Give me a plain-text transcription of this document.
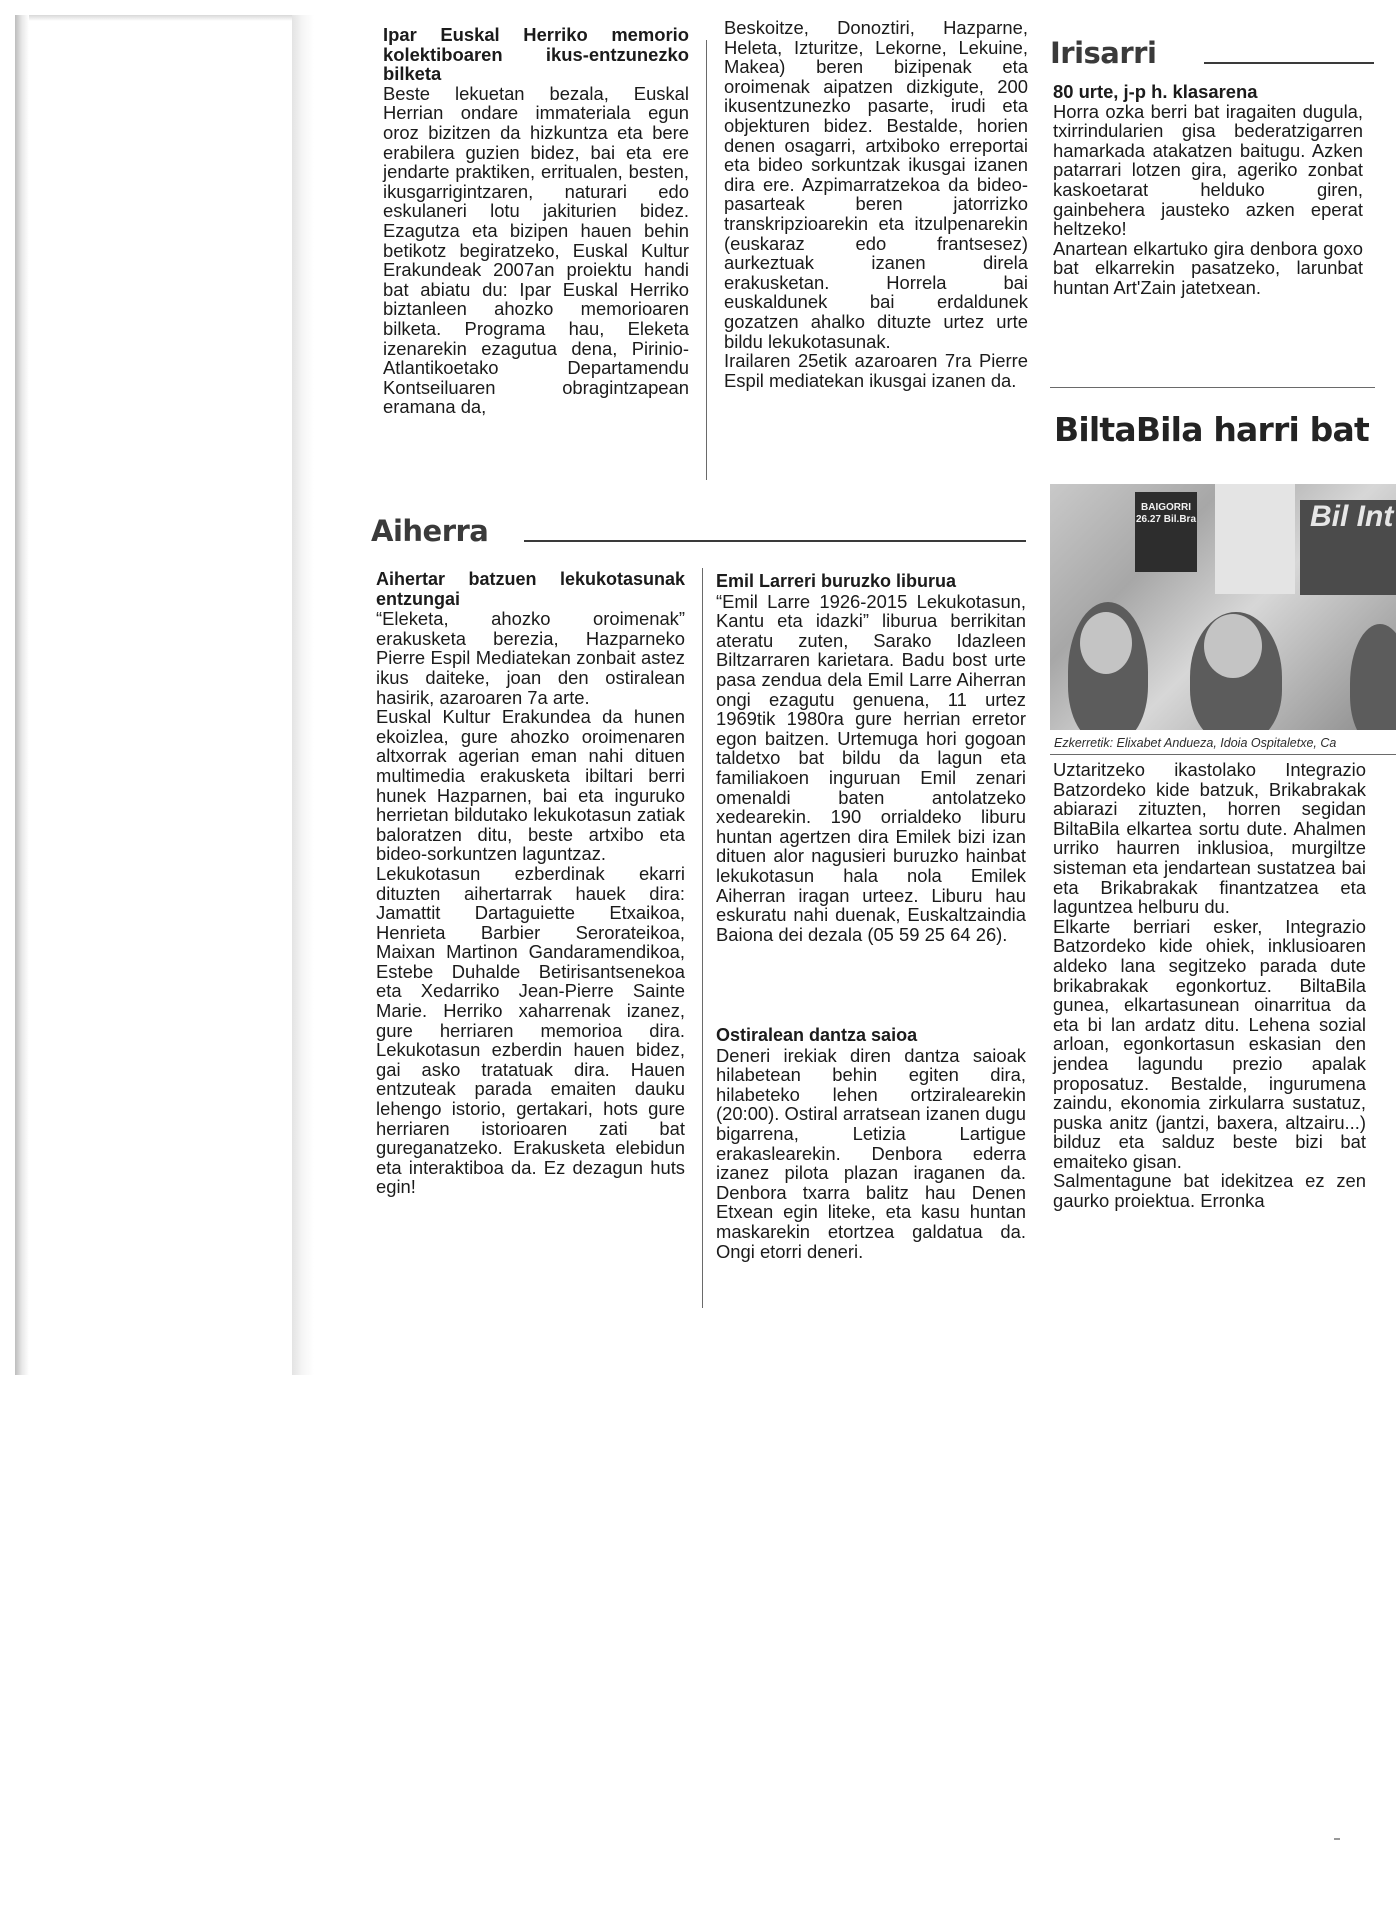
Ipar Euskal Herriko memorio kolektiboaren ikus-entzunezko bilketa

Beste lekuetan bezala, Euskal Herrian ondare immateriala egun oroz bizitzen da hizkuntza eta bere erabilera guzien bidez, bai eta ere jendarte praktiken, erritualen, besten, ikusgarrigintzaren, naturari edo eskulaneri lotu jakiturien bidez. Ezagutza eta bizipen hauen behin betikotz begiratzeko, Euskal Kultur Erakundeak 2007an proiektu handi bat abiatu du: Ipar Euskal Herriko biztanleen ahozko memorioaren bilketa. Programa hau, Eleketa izenarekin ezagutua dena, Pirinio-Atlantikoetako Departamendu Kontseiluaren obragintzapean eramana da,

Beskoitze, Donoztiri, Hazparne, Heleta, Izturitze, Lekorne, Lekuine, Makea) beren bizipenak eta oroimenak aipatzen dizkigute, 200 ikusentzunezko pasarte, irudi eta objekturen bidez. Bestalde, horien denen osagarri, artxiboko erreportai eta bideo sorkuntzak ikusgai izanen dira ere. Azpimarratzekoa da bideo-pasarteak beren jatorrizko transkripzioarekin eta itzulpenarekin (euskaraz edo frantsesez) aurkeztuak izanen direla erakusketan. Horrela bai euskaldunek bai erdaldunek gozatzen ahalko dituzte urtez urte bildu lekukotasunak.

Irailaren 25etik azaroaren 7ra Pierre Espil mediatekan ikusgai izanen da.

Irisarri

80 urte, j-p h. klasarena

Horra ozka berri bat iragaiten dugula, txirrindularien gisa bederatzigarren hamarkada atakatzen baitugu. Azken patarrari lotzen gira, ageriko zonbat kaskoetarat helduko giren, gainbehera jausteko azken eperat heltzeko!

Anartean elkartuko gira denbora goxo bat elkarrekin pasatzeko, larunbat huntan Art'Zain jatetxean.

BiltaBila harri bat
BAIGORRI 26.27 Bil.Bra	Bil Int
Ezkerretik: Elixabet Andueza, Idoia Ospitaletxe, Ca

Uztaritzeko ikastolako Integrazio Batzordeko kide batzuk, Brikabrakak abiarazi zituzten, horren segidan BiltaBila elkartea sortu dute. Ahalmen urriko haurren inklusioa, murgiltze sisteman eta jendartean sustatzea bai eta Brikabrakak finantzatzea eta laguntzea helburu du.

Elkarte berriari esker, Integrazio Batzordeko kide ohiek, inklusioaren aldeko lana segitzeko parada dute brikabrakak egonkortuz. BiltaBila gunea, elkartasunean oinarritua da eta bi lan ardatz ditu. Lehena sozial arloan, egonkortasun eskasian den jendea lagundu prezio apalak proposatuz. Bestalde, ingurumena zaindu, ekonomia zirkularra sustatuz, puska anitz (jantzi, baxera, altzairu...) bilduz eta salduz beste bizi bat emaiteko gisan.

Salmentagune bat idekitzea ez zen gaurko proiektua. Erronka

Aiherra

Aihertar batzuen lekukotasunak entzungai

“Eleketa, ahozko oroimenak” erakusketa berezia, Hazparneko Pierre Espil Mediatekan zonbait astez ikus daiteke, joan den ostiralean hasirik, azaroaren 7a arte.

Euskal Kultur Erakundea da hunen ekoizlea, gure ahozko oroimenaren altxorrak agerian eman nahi dituen multimedia erakusketa ibiltari berri hunek Hazparnen, bai eta inguruko herrietan bildutako lekukotasun zatiak baloratzen ditu, beste artxibo eta bideo-sorkuntzen laguntzaz.

Lekukotasun ezberdinak ekarri dituzten aihertarrak hauek dira: Jamattit Dartaguiette Etxaikoa, Henrieta Barbier Serorateikoa, Maixan Martinon Gandaramendikoa, Estebe Duhalde Betirisantsenekoa eta Xedarriko Jean-Pierre Sainte Marie. Herriko xaharrenak izanez, gure herriaren memorioa dira. Lekukotasun ezberdin hauen bidez, gai asko tratatuak dira. Hauen entzuteak parada emaiten dauku lehengo istorio, gertakari, hots gure herriaren istorioaren zati bat gureganatzeko. Erakusketa elebidun eta interaktiboa da. Ez dezagun huts egin!

Emil Larreri buruzko liburua

“Emil Larre 1926-2015 Lekukotasun, Kantu eta idazki” liburua berrikitan ateratu zuten, Sarako Idazleen Biltzarraren karietara. Badu bost urte pasa zendua dela Emil Larre Aiherran ongi ezagutu genuena, 11 urtez 1969tik 1980ra gure herrian erretor egon baitzen. Urtemuga hori gogoan taldetxo bat bildu da lagun eta familiakoen inguruan Emil zenari omenaldi baten antolatzeko xedearekin. 190 orrialdeko liburu huntan agertzen dira Emilek bizi izan dituen alor nagusieri buruzko hainbat lekukotasun hala nola Emilek Aiherran iragan urteez. Liburu hau eskuratu nahi duenak, Euskaltzaindia Baiona dei dezala (05 59 25 64 26).

Ostiralean dantza saioa

Deneri irekiak diren dantza saioak hilabetean behin egiten dira, hilabeteko lehen ortziralearekin (20:00). Ostiral arratsean izanen dugu bigarrena, Letizia Lartigue erakaslearekin. Denbora ederra izanez pilota plazan iraganen da. Denbora txarra balitz hau Denen Etxean egin liteke, eta kasu huntan maskarekin etortzea galdatua da. Ongi etorri deneri.
